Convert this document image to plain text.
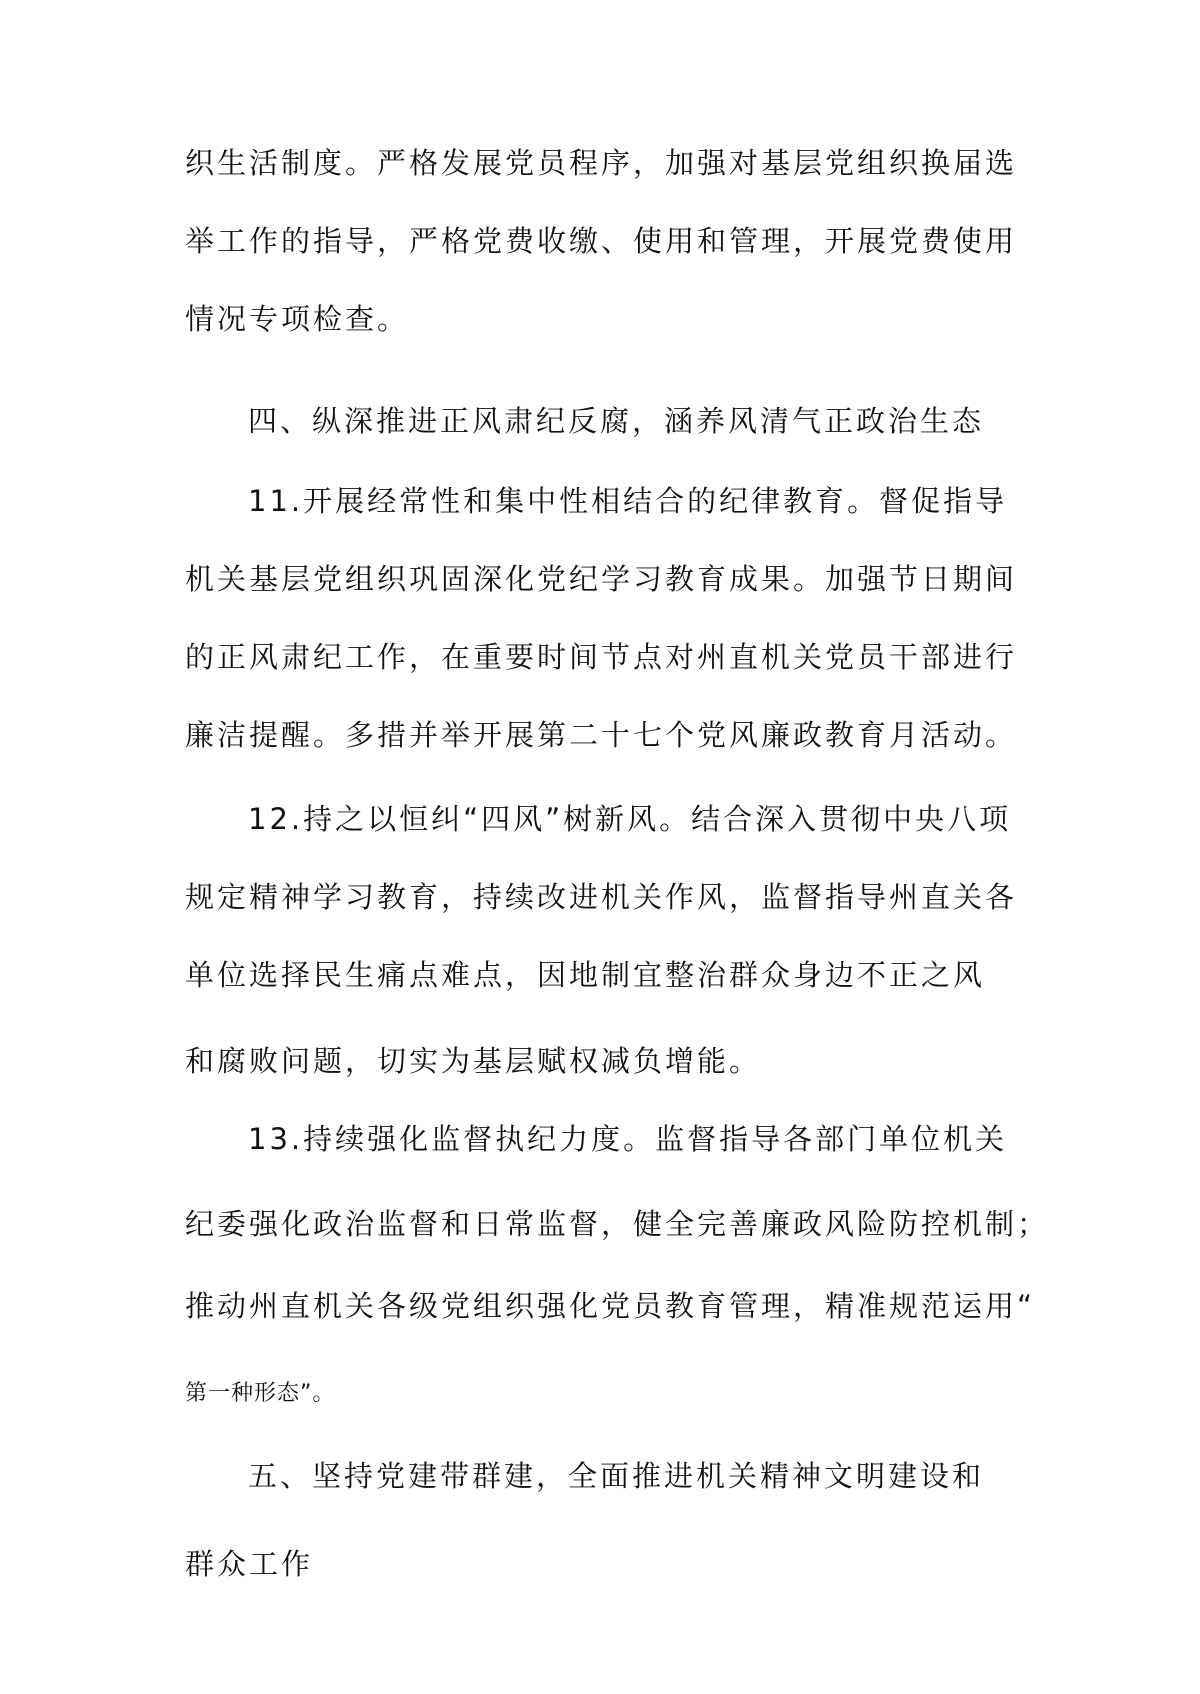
织生活制度。严格发展党员程序，加强对基层党组织换届选
举工作的指导，严格党费收缴、使用和管理，开展党费使用
情况专项检查。
四、纵深推进正风肃纪反腐，涵养风清气正政治生态
11.开展经常性和集中性相结合的纪律教育。督促指导
机关基层党组织巩固深化党纪学习教育成果。加强节日期间
的正风肃纪工作，在重要时间节点对州直机关党员干部进行
廉洁提醒。多措并举开展第二十七个党风廉政教育月活动。
12.持之以恒纠“四风”树新风。结合深入贯彻中央八项
规定精神学习教育，持续改进机关作风，监督指导州直关各
单位选择民生痛点难点，因地制宜整治群众身边不正之风
和腐败问题，切实为基层赋权减负增能。
13.持续强化监督执纪力度。监督指导各部门单位机关
纪委强化政治监督和日常监督，健全完善廉政风险防控机制；
推动州直机关各级党组织强化党员教育管理，精准规范运用“
第一种形态”。
五、坚持党建带群建，全面推进机关精神文明建设和
群众工作
